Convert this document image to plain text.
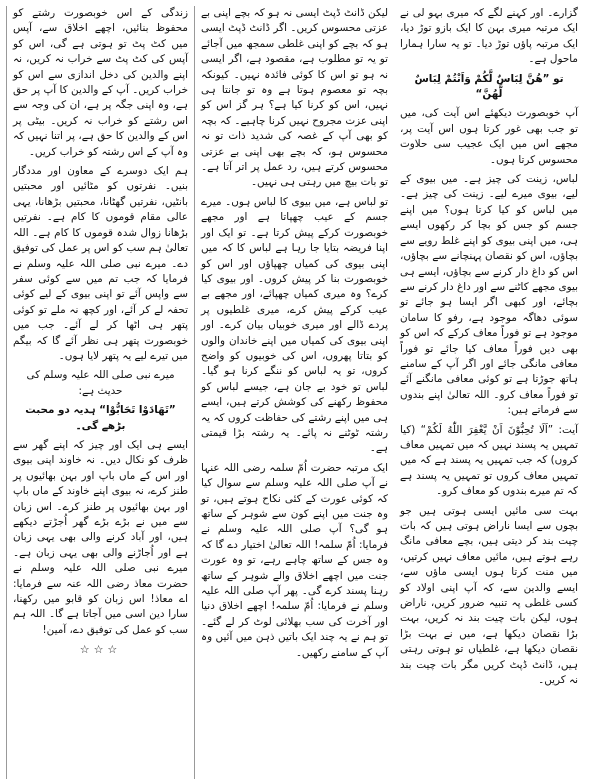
گزارے۔ اور کہنے لگے کہ میری بہو لی نے ایک مرتبہ میری بہن کا ایک بازو توڑ دیا، ایک مرتبہ پاؤں توڑ دیا۔ تو یہ سارا ہمارا ماحول ہے۔

تو ”ھُنَّ لِبَاسٌ لَّكُمْ وَاَنْتُمْ لِبَاسٌ لَّهُنَّ“

آپ خوبصورت دیکھئے اس آیت کی، میں تو جب بھی غور کرتا ہوں اس آیت پر، مجھے اس میں ایک عجیب سی حلاوت محسوس کرتا ہوں۔

لباس، زینت کی چیز ہے۔ میں بیوی کے لیے، بیوی میرے لیے۔ زینت کی چیز ہے۔ میں لباس کو کیا کرتا ہوں؟ میں اپنے جسم کو جس کو بچا کر رکھوں ایسے ہی، میں اپنی بیوی کو اپنے غلط رویے سے بچاؤں، اس کو نقصان پہنچانے سے بچاؤں، اس کو داغ دار کرنے سے بچاؤں، ایسے ہی بیوی مجھے کاٹنے سے اور داغ دار کرنے سے بچائے، اور کبھی اگر ایسا ہو جائے تو سوئی دھاگہ موجود ہے، رفو کا سامان موجود ہے تو فوراً معاف کرکے کہ اس کو بھی دیں فوراً معاف کیا جائے تو فوراً معافی مانگی جائے اور اگر آپ کے سامنے ہاتھ جوڑتا ہے تو کوئی معافی مانگنے آئے تو فوراً معاف کرو۔ اللہ تعالیٰ اپنے بندوں سے فرماتے ہیں:

آیت: ”اَلَا تُحِبُّوْنَ اَنْ یَّغْفِرَ اللّٰهُ لَكُمْ“ (کیا تمہیں یہ پسند نہیں کہ میں تمہیں معاف کروں) کہ جب تمہیں یہ پسند ہے کہ میں تمہیں معاف کروں تو تمہیں یہ پسند ہے کہ تم میرے بندوں کو معاف کرو۔

بہت سی مائیں ایسی ہوتی ہیں جو بچوں سے ایسا ناراض ہوتی ہیں کہ بات چیت بند کر دیتی ہیں، بچے معافی مانگ رہے ہوتے ہیں، مائیں معاف نہیں کرتیں، میں منت کرتا ہوں ایسی ماؤں سے، ایسے والدین سے، کہ آپ اپنی اولاد کو کسی غلطی پہ تنبیہ ضرور کریں، ناراض ہوں، لیکن بات چیت بند نہ کریں، بہت بڑا نقصان دیکھا ہے، میں نے بہت بڑا نقصان دیکھا ہے، غلطیاں تو ہوتی رہتی ہیں، ڈانٹ ڈپٹ کریں مگر بات چیت بند نہ کریں۔

لیکن ڈانٹ ڈپٹ ایسی نہ ہو کہ بچے اپنی بے عزتی محسوس کریں۔ اگر ڈانٹ ڈپٹ ایسی ہو کہ بچے کو اپنی غلطی سمجھ میں آجائے تو یہ تو مطلوب ہے، مقصود ہے، اگر ایسی نہ ہو تو اس کا کوئی فائدہ نہیں۔ کیونکہ بچہ تو معصوم ہوتا ہے وہ تو جانتا ہی نہیں، اس کو کرنا کیا ہے؟ ہر گز اس کو اپنی عزت مجروح نہیں کرنا چاہیے۔ کہ بچہ کو بھی آپ کے غصہ کی شدید ذات تو نہ محسوس ہو، کہ بچے بھی اپنی بے عزتی محسوس کرتے ہیں، رد عمل پر اتر آتا ہے۔ تو بات بیچ میں رہتی ہی نہیں۔

تو لباس ہے، میں بیوی کا لباس ہوں۔ میرے جسم کے عیب چھپاتا ہے اور مجھے خوبصورت کرکے پیش کرتا ہے۔ تو ایک اور اپنا فریضہ بتایا جا رہا ہے لباس کا کہ میں اپنی بیوی کی کمیاں چھپاؤں اور اس کو خوبصورت بنا کر پیش کروں۔ اور بیوی کیا کرے؟ وہ میری کمیاں چھپائے، اور مجھے بے عیب کرکے پیش کرے، میری غلطیوں پر پردے ڈالے اور میری خوبیاں بیان کرے۔ اور اپنی بیوی کی کمیاں میں اپنے خاندان والوں کو بتاتا پھروں، اس کی خوبیوں کو واضح کروں، تو یہ لباس کو ننگے کرنا ہو گیا۔ لباس تو خود بے جان ہے، جیسے لباس کو محفوظ رکھنے کی کوشش کرتے ہیں، ایسے ہی میں اپنے رشتے کی حفاظت کروں کہ یہ رشتہ ٹوٹنے نہ پائے۔ یہ رشتہ بڑا قیمتی ہے۔

ایک مرتبہ حضرت اُمّ سلمہ رضی اللہ عنہا نے آپ صلی اللہ علیہ وسلم سے سوال کیا کہ کوئی عورت کے کئی نکاح ہوتے ہیں، تو وہ جنت میں اپنے کون سے شوہر کے ساتھ ہو گی؟ آپ صلی اللہ علیہ وسلم نے فرمایا: اُمّ سلمہ! اللہ تعالیٰ اختیار دے گا کہ وہ جس کے ساتھ چاہے رہے، تو وہ عورت جنت میں اچھے اخلاق والے شوہر کے ساتھ رہنا پسند کرے گی۔ پھر آپ صلی اللہ علیہ وسلم نے فرمایا: اُمّ سلمہ! اچھے اخلاق دنیا اور آخرت کی سب بھلائی لوٹ کر لے گئے۔ تو ہم نے یہ چند ایک باتیں ذہن میں آئیں وہ آپ کے سامنے رکھیں۔

زندگی کے اس خوبصورت رشتے کو محفوظ بنائیں، اچھے اخلاق سے، آپس میں کٹ پٹ تو ہوتی ہے گی، اس کو آپس کی کٹ پٹ سے خراب نہ کریں، نہ اپنے والدین کی دخل اندازی سے اس کو خراب کریں۔ آپ کے والدین کا آپ پر حق ہے، وہ اپنی جگہ پر ہے، ان کی وجہ سے اس رشتے کو خراب نہ کریں۔ بیٹی پر اس کے والدین کا حق ہے، پر اتنا نہیں کہ وہ آپ کے اس رشتہ کو خراب کریں۔

ہم ایک دوسرے کے معاون اور مددگار بنیں۔ نفرتوں کو مٹائیں اور محبتیں بانٹیں، نفرتیں گھٹانا، محبتیں بڑھانا، یہی عالی مقام قوموں کا کام ہے۔ نفرتیں بڑھانا زوال شدہ قوموں کا کام ہے۔ اللہ تعالیٰ ہم سب کو اس پر عمل کی توفیق دے۔ میرے نبی صلی اللہ علیہ وسلم نے فرمایا کہ جب تم میں سے کوئی سفر سے واپس آئے تو اپنی بیوی کے لیے کوئی تحفہ لے کر آئے، اور کچھ نہ ملے تو کوئی پتھر ہی اٹھا کر لے آئے۔ جب میں خوبصورت پتھر ہی نظر آئے گا کہ بیگم میں تیرے لیے یہ پتھر لایا ہوں۔

میرے نبی صلی اللہ علیہ وسلم کی حدیث ہے:

”تَهَادَوْا تَحَابُّوْا“ ہدیہ دو محبت بڑھے گی۔

ایسے ہی ایک اور چیز کہ اپنے گھر سے ظرف کو نکال دیں۔ نہ خاوند اپنی بیوی اور اس کے ماں باپ اور بہن بھائیوں پر طنز کرے، نہ بیوی اپنے خاوند کے ماں باپ اور بہن بھائیوں پر طنز کرے۔ اس زبان سے میں نے بڑے بڑے گھر اُجڑتے دیکھے ہیں، اور آباد کرنے والی بھی یہی زبان ہے اور اُجاڑنے والی بھی یہی زبان ہے۔ میرے نبی صلی اللہ علیہ وسلم نے حضرت معاذ رضی اللہ عنہ سے فرمایا: اے معاذ! اس زبان کو قابو میں رکھنا، سارا دین اسی میں آجاتا ہے گا۔ اللہ ہم سب کو عمل کی توفیق دے، آمین!

☆☆☆
